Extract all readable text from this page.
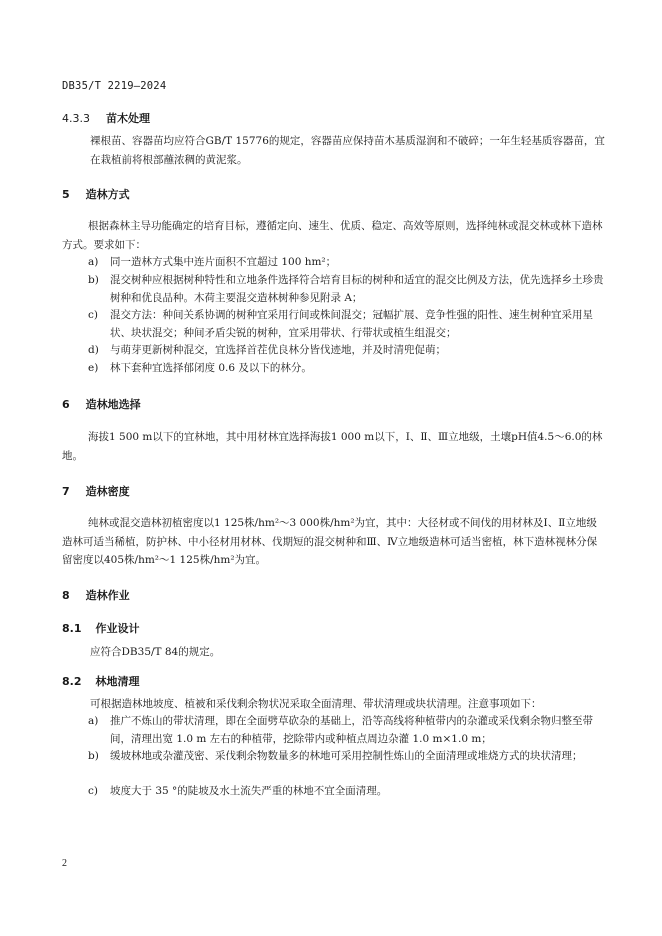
DB35/T 2219—2024
4.3.3 苗木处理
裸根苗、容器苗均应符合GB/T 15776的规定，容器苗应保持苗木基质湿润和不破碎；一年生轻基质容器苗，宜在栽植前将根部蘸浓稠的黄泥浆。
5 造林方式
根据森林主导功能确定的培育目标，遵循定向、速生、优质、稳定、高效等原则，选择纯林或混交林或林下造林方式。要求如下：
a)	同一造林方式集中连片面积不宜超过 100 hm²；
b)	混交树种应根据树种特性和立地条件选择符合培育目标的树种和适宜的混交比例及方法，优先选择乡土珍贵树种和优良品种。木荷主要混交造林树种参见附录 A；
c)	混交方法：种间关系协调的树种宜采用行间或株间混交；冠幅扩展、竞争性强的阳性、速生树种宜采用星状、块状混交；种间矛盾尖锐的树种，宜采用带状、行带状或植生组混交；
d)	与萌芽更新树种混交，宜选择首茬优良林分皆伐迹地，并及时清兜促萌；
e)	林下套种宜选择郁闭度 0.6 及以下的林分。
6 造林地选择
海拔1 500 m以下的宜林地，其中用材林宜选择海拔1 000 m以下，Ⅰ、Ⅱ、Ⅲ立地级，土壤pH值4.5～6.0的林地。
7 造林密度
纯林或混交造林初植密度以1 125株/hm²～3 000株/hm²为宜，其中：大径材或不间伐的用材林及Ⅰ、Ⅱ立地级造林可适当稀植，防护林、中小径材用材林、伐期短的混交树种和Ⅲ、Ⅳ立地级造林可适当密植，林下造林视林分保留密度以405株/hm²～1 125株/hm²为宜。
8 造林作业
8.1 作业设计
应符合DB35/T 84的规定。
8.2 林地清理
可根据造林地坡度、植被和采伐剩余物状况采取全面清理、带状清理或块状清理。注意事项如下：
a)	推广不炼山的带状清理，即在全面劈草砍杂的基础上，沿等高线将种植带内的杂灌或采伐剩余物归整至带间，清理出宽 1.0 m 左右的种植带，挖除带内或种植点周边杂灌 1.0 m×1.0 m；
b)	缓坡林地或杂灌茂密、采伐剩余物数量多的林地可采用控制性炼山的全面清理或堆烧方式的块状清理；
c)	坡度大于 35 °的陡坡及水土流失严重的林地不宜全面清理。
2
